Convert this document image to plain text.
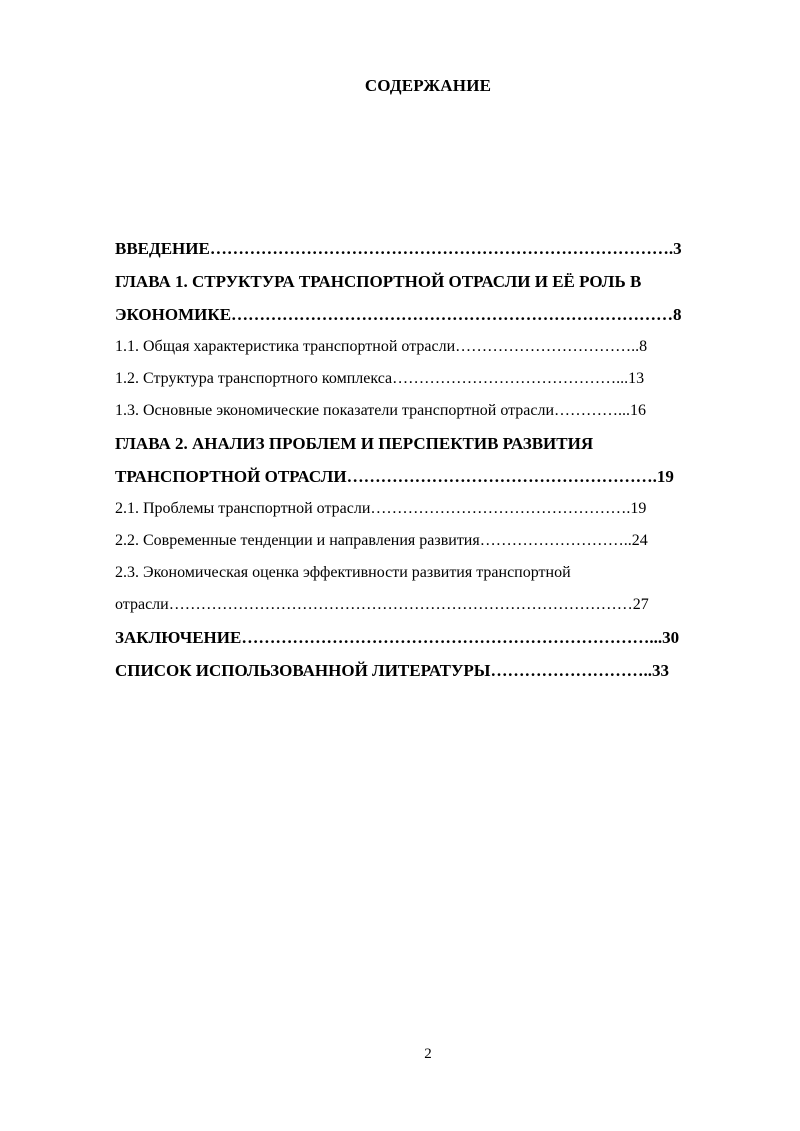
СОДЕРЖАНИЕ
ВВЕДЕНИЕ……………………………………………………………………….3
ГЛАВА 1. СТРУКТУРА ТРАНСПОРТНОЙ ОТРАСЛИ И ЕЁ РОЛЬ В
ЭКОНОМИКЕ……………………………………………………………………8
1.1. Общая характеристика транспортной отрасли……………………………..8
1.2. Структура транспортного комплекса……………………………………...13
1.3. Основные экономические показатели транспортной отрасли…………...16
ГЛАВА 2. АНАЛИЗ ПРОБЛЕМ И ПЕРСПЕКТИВ РАЗВИТИЯ
ТРАНСПОРТНОЙ ОТРАСЛИ……………………………………………….19
2.1. Проблемы транспортной отрасли………………………………………….19
2.2. Современные тенденции и направления развития………………………..24
2.3. Экономическая оценка эффективности развития транспортной
отрасли……………………………………………………………………………27
ЗАКЛЮЧЕНИЕ………………………………………………………………...30
СПИСОК ИСПОЛЬЗОВАННОЙ ЛИТЕРАТУРЫ………………………..33
2
